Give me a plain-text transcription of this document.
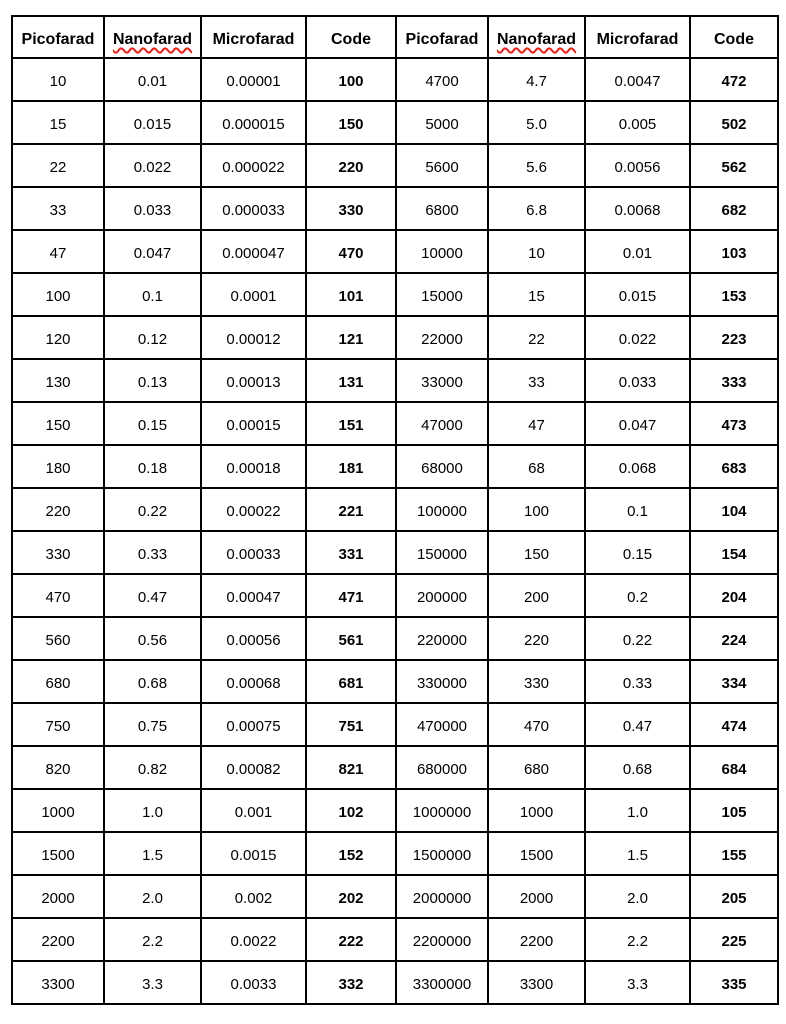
Picofarad	Nanofarad	Microfarad	Code	Picofarad	Nanofarad	Microfarad	Code
10	0.01	0.00001	100	4700	4.7	0.0047	472
15	0.015	0.000015	150	5000	5.0	0.005	502
22	0.022	0.000022	220	5600	5.6	0.0056	562
33	0.033	0.000033	330	6800	6.8	0.0068	682
47	0.047	0.000047	470	10000	10	0.01	103
100	0.1	0.0001	101	15000	15	0.015	153
120	0.12	0.00012	121	22000	22	0.022	223
130	0.13	0.00013	131	33000	33	0.033	333
150	0.15	0.00015	151	47000	47	0.047	473
180	0.18	0.00018	181	68000	68	0.068	683
220	0.22	0.00022	221	100000	100	0.1	104
330	0.33	0.00033	331	150000	150	0.15	154
470	0.47	0.00047	471	200000	200	0.2	204
560	0.56	0.00056	561	220000	220	0.22	224
680	0.68	0.00068	681	330000	330	0.33	334
750	0.75	0.00075	751	470000	470	0.47	474
820	0.82	0.00082	821	680000	680	0.68	684
1000	1.0	0.001	102	1000000	1000	1.0	105
1500	1.5	0.0015	152	1500000	1500	1.5	155
2000	2.0	0.002	202	2000000	2000	2.0	205
2200	2.2	0.0022	222	2200000	2200	2.2	225
3300	3.3	0.0033	332	3300000	3300	3.3	335
